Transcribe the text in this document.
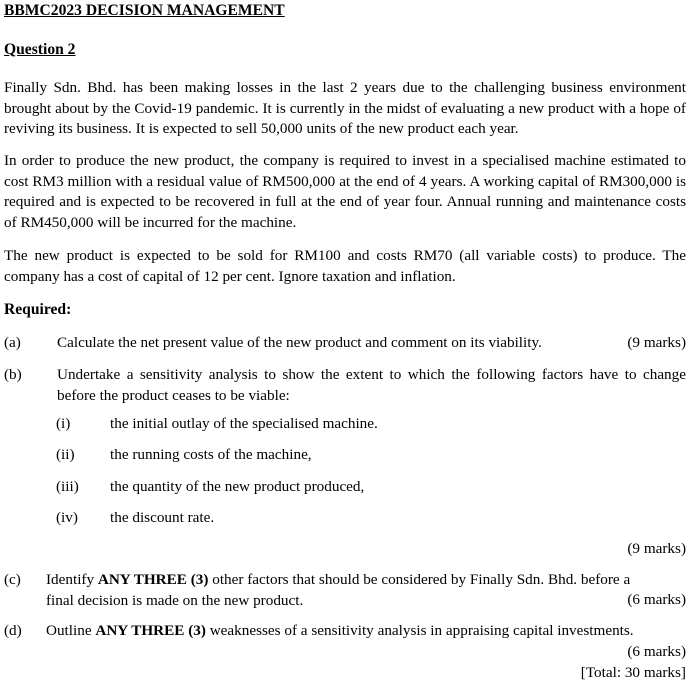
BBMC2023 DECISION MANAGEMENT
Question 2
Finally Sdn. Bhd. has been making losses in the last 2 years due to the challenging business environment brought about by the Covid-19 pandemic. It is currently in the midst of evaluating a new product with a hope of reviving its business. It is expected to sell 50,000 units of the new product each year.
In order to produce the new product, the company is required to invest in a specialised machine estimated to cost RM3 million with a residual value of RM500,000 at the end of 4 years. A working capital of RM300,000 is required and is expected to be recovered in full at the end of year four. Annual running and maintenance costs of RM450,000 will be incurred for the machine.
The new product is expected to be sold for RM100 and costs RM70 (all variable costs) to produce. The company has a cost of capital of 12 per cent. Ignore taxation and inflation.
Required:
(a) Calculate the net present value of the new product and comment on its viability.	(9 marks)
(b) Undertake a sensitivity analysis to show the extent to which the following factors have to change before the product ceases to be viable:
(i)	the initial outlay of the specialised machine.
(ii) the running costs of the machine,
(iii) the quantity of the new product produced,
(iv) the discount rate.
(9 marks)
(c) Identify ANY THREE (3) other factors that should be considered by Finally Sdn. Bhd. before a
final decision is made on the new product.	(6 marks)
(d) Outline ANY THREE (3) weaknesses of a sensitivity analysis in appraising capital investments.
(6 marks)
[Total: 30 marks]
